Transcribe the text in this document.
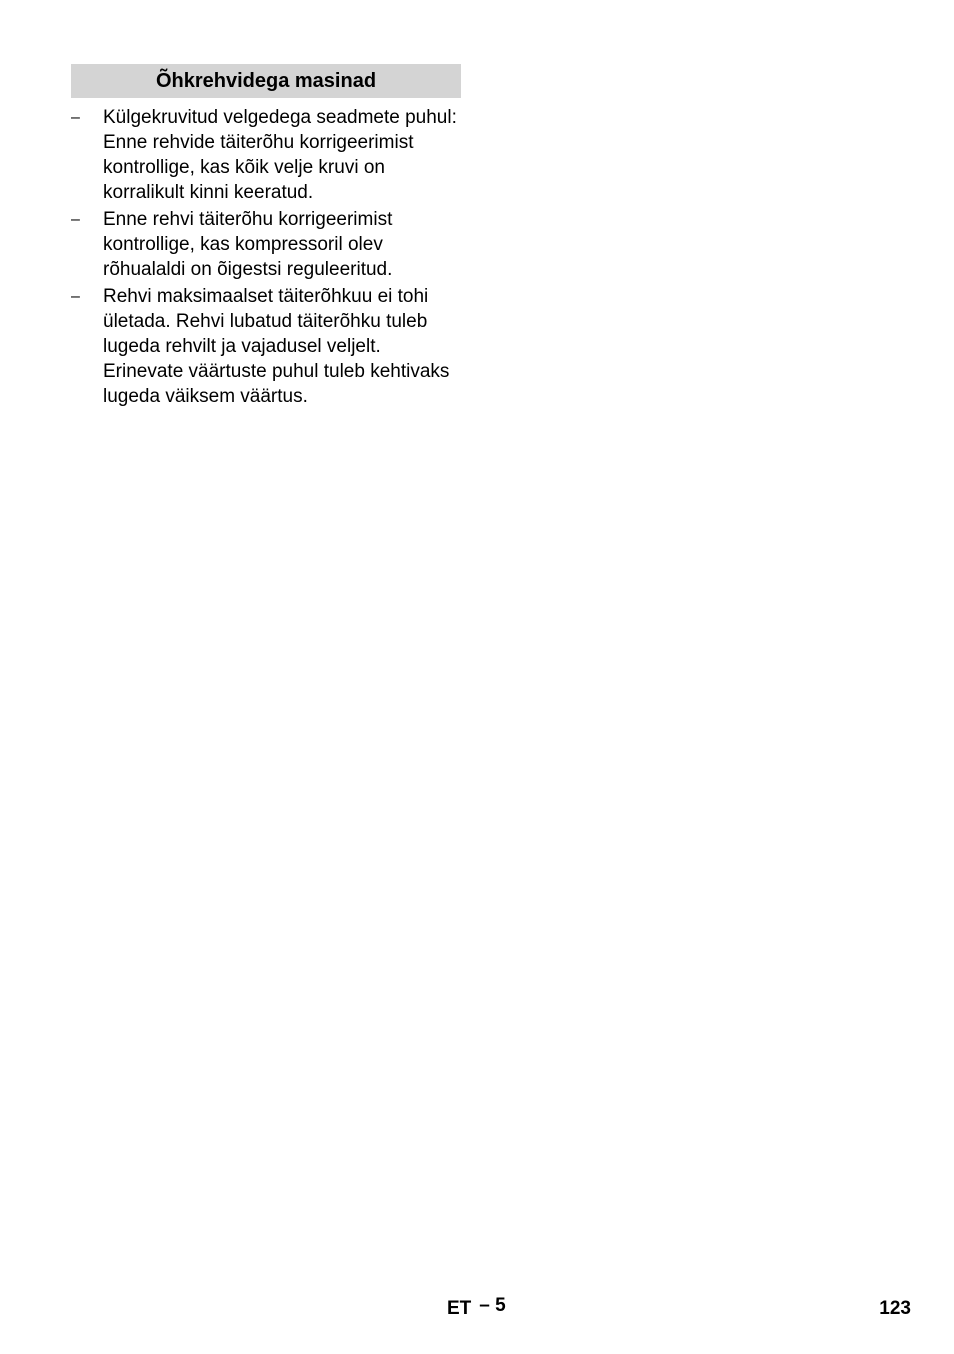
Õhkrehvidega masinad
–	Külgekruvitud velgedega seadmete puhul: Enne rehvide täiterõhu korrigeerimist kontrollige, kas kõik velje kruvi on korralikult kinni keeratud.
–	Enne rehvi täiterõhu korrigeerimist kontrollige, kas kompressoril olev rõhualaldi on õigestsi reguleeritud.
–	Rehvi maksimaalset täiterõhkuu ei tohi ületada. Rehvi lubatud täiterõhku tuleb lugeda rehvilt ja vajadusel veljelt. Erinevate väärtuste puhul tuleb kehtivaks lugeda väiksem väärtus.
ET – 5	123
